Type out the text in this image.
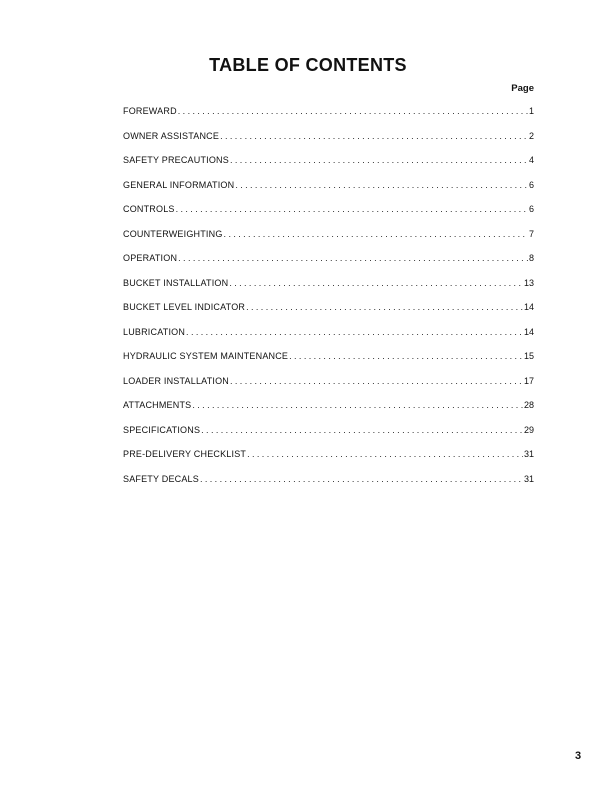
TABLE OF CONTENTS
Page
FOREWARD .....	1
OWNER ASSISTANCE .....	2
SAFETY PRECAUTIONS .....	4
GENERAL INFORMATION .....	6
CONTROLS .....	6
COUNTERWEIGHTING .....	7
OPERATION .....	8
BUCKET INSTALLATION .....	13
BUCKET LEVEL INDICATOR .....	14
LUBRICATION .....	14
HYDRAULIC SYSTEM MAINTENANCE .....	15
LOADER INSTALLATION .....	17
ATTACHMENTS .....	28
SPECIFICATIONS .....	29
PRE-DELIVERY CHECKLIST .....	31
SAFETY DECALS .....	31
3
